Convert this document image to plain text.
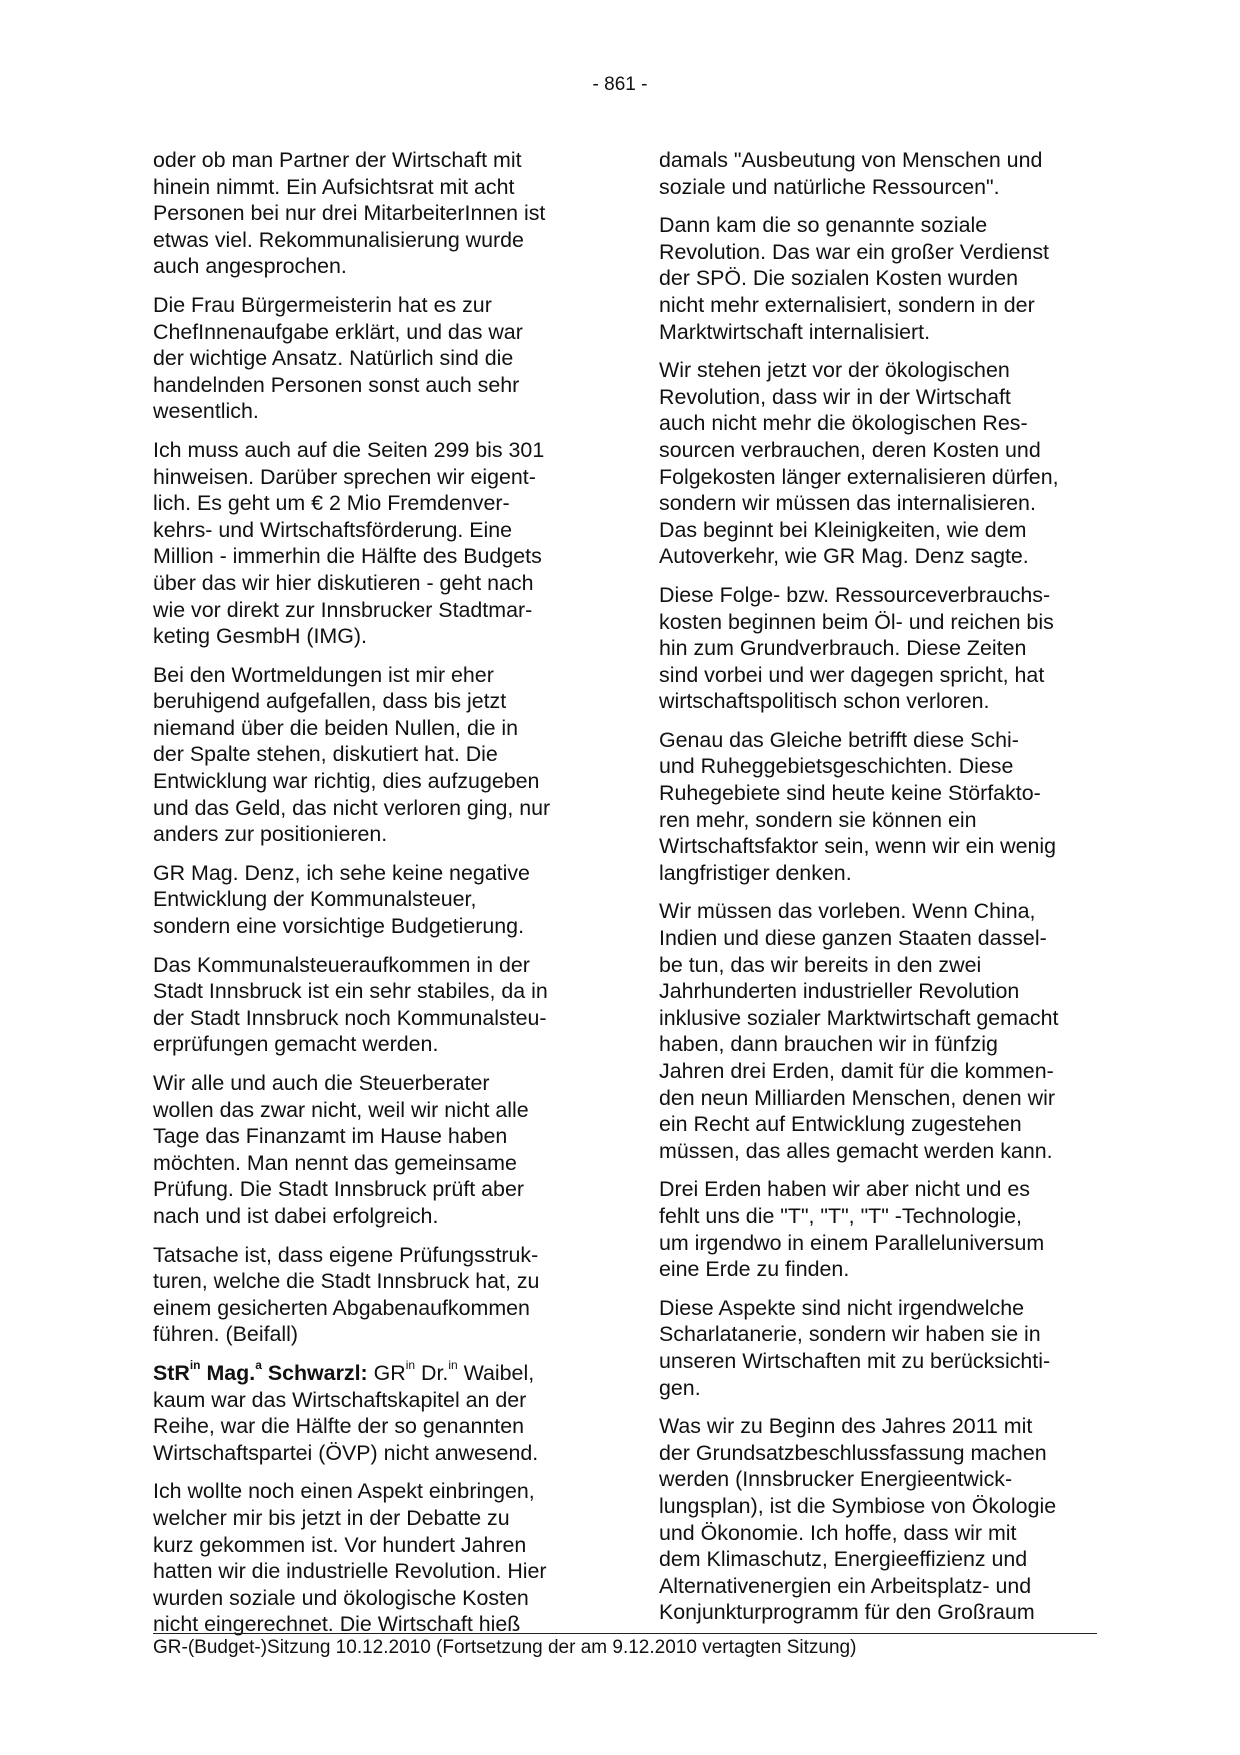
- 861 -

oder ob man Partner der Wirtschaft mit
hinein nimmt. Ein Aufsichtsrat mit acht
Personen bei nur drei MitarbeiterInnen ist
etwas viel. Rekommunalisierung wurde
auch angesprochen.

Die Frau Bürgermeisterin hat es zur
ChefInnenaufgabe erklärt, und das war
der wichtige Ansatz. Natürlich sind die
handelnden Personen sonst auch sehr
wesentlich.

Ich muss auch auf die Seiten 299 bis 301
hinweisen. Darüber sprechen wir eigent-
lich. Es geht um € 2 Mio Fremdenver-
kehrs- und Wirtschaftsförderung. Eine
Million - immerhin die Hälfte des Budgets
über das wir hier diskutieren - geht nach
wie vor direkt zur Innsbrucker Stadtmar-
keting GesmbH (IMG).

Bei den Wortmeldungen ist mir eher
beruhigend aufgefallen, dass bis jetzt
niemand über die beiden Nullen, die in
der Spalte stehen, diskutiert hat. Die
Entwicklung war richtig, dies aufzugeben
und das Geld, das nicht verloren ging, nur
anders zur positionieren.

GR Mag. Denz, ich sehe keine negative
Entwicklung der Kommunalsteuer,
sondern eine vorsichtige Budgetierung.

Das Kommunalsteueraufkommen in der
Stadt Innsbruck ist ein sehr stabiles, da in
der Stadt Innsbruck noch Kommunalsteu-
erprüfungen gemacht werden.

Wir alle und auch die Steuerberater
wollen das zwar nicht, weil wir nicht alle
Tage das Finanzamt im Hause haben
möchten. Man nennt das gemeinsame
Prüfung. Die Stadt Innsbruck prüft aber
nach und ist dabei erfolgreich.

Tatsache ist, dass eigene Prüfungsstruk-
turen, welche die Stadt Innsbruck hat, zu
einem gesicherten Abgabenaufkommen
führen. (Beifall)

StR$^{in}$ Mag.$^a$ Schwarzl: $GR^{in}$ Dr.$^{in}$ Waibel,
kaum war das Wirtschaftskapitel an der
Reihe, war die Hälfte der so genannten
Wirtschaftspartei (ÖVP) nicht anwesend.

Ich wollte noch einen Aspekt einbringen,
welcher mir bis jetzt in der Debatte zu
kurz gekommen ist. Vor hundert Jahren
hatten wir die industrielle Revolution. Hier
wurden soziale und ökologische Kosten
nicht eingerechnet. Die Wirtschaft hieß

damals "Ausbeutung von Menschen und
soziale und natürliche Ressourcen".

Dann kam die so genannte soziale
Revolution. Das war ein großer Verdienst
der SPÖ. Die sozialen Kosten wurden
nicht mehr externalisiert, sondern in der
Marktwirtschaft internalisiert.

Wir stehen jetzt vor der ökologischen
Revolution, dass wir in der Wirtschaft
auch nicht mehr die ökologischen Res-
sourcen verbrauchen, deren Kosten und
Folgekosten länger externalisieren dürfen,
sondern wir müssen das internalisieren.
Das beginnt bei Kleinigkeiten, wie dem
Autoverkehr, wie GR Mag. Denz sagte.

Diese Folge- bzw. Ressourceverbrauchs-
kosten beginnen beim Öl- und reichen bis
hin zum Grundverbrauch. Diese Zeiten
sind vorbei und wer dagegen spricht, hat
wirtschaftspolitisch schon verloren.

Genau das Gleiche betrifft diese Schi-
und Ruheggebietsgeschichten. Diese
Ruhegebiete sind heute keine Störfakto-
ren mehr, sondern sie können ein
Wirtschaftsfaktor sein, wenn wir ein wenig
langfristiger denken.

Wir müssen das vorleben. Wenn China,
Indien und diese ganzen Staaten dassel-
be tun, das wir bereits in den zwei
Jahrhunderten industrieller Revolution
inklusive sozialer Marktwirtschaft gemacht
haben, dann brauchen wir in fünfzig
Jahren drei Erden, damit für die kommen-
den neun Milliarden Menschen, denen wir
ein Recht auf Entwicklung zugestehen
müssen, das alles gemacht werden kann.

Drei Erden haben wir aber nicht und es
fehlt uns die "T", "T", "T" -Technologie,
um irgendwo in einem Paralleluniversum
eine Erde zu finden.

Diese Aspekte sind nicht irgendwelche
Scharlatanerie, sondern wir haben sie in
unseren Wirtschaften mit zu berücksichti-
gen.

Was wir zu Beginn des Jahres 2011 mit
der Grundsatzbeschlussfassung machen
werden (Innsbrucker Energieentwick-
lungsplan), ist die Symbiose von Ökologie
und Ökonomie. Ich hoffe, dass wir mit
dem Klimaschutz, Energieeffizienz und
Alternativenergien ein Arbeitsplatz- und
Konjunkturprogramm für den Großraum

GR-(Budget-)Sitzung 10.12.2010 (Fortsetzung der am 9.12.2010 vertagten Sitzung)
